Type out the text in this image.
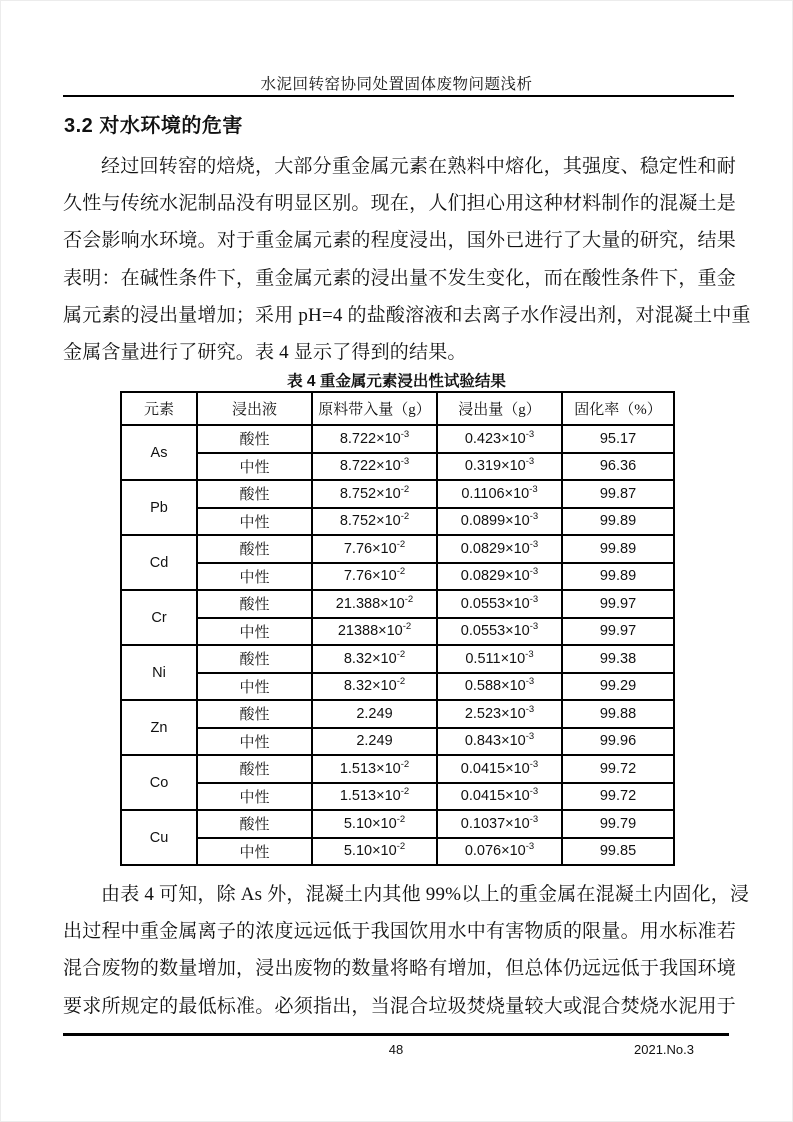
水泥回转窑协同处置固体废物问题浅析
3.2 对水环境的危害
经过回转窑的焙烧，大部分重金属元素在熟料中熔化，其强度、稳定性和耐
久性与传统水泥制品没有明显区别。现在，人们担心用这种材料制作的混凝土是
否会影响水环境。对于重金属元素的程度浸出，国外已进行了大量的研究，结果
表明：在碱性条件下，重金属元素的浸出量不发生变化，而在酸性条件下，重金
属元素的浸出量增加；采用 pH=4 的盐酸溶液和去离子水作浸出剂，对混凝土中重
金属含量进行了研究。表 4 显示了得到的结果。
表 4 重金属元素浸出性试验结果
元素	浸出液	原料带入量（g）	浸出量（g）	固化率（%）
As	酸性	$8.722\times 10^{-3}$	$0.423\times 10^{-3}$	95.17
	中性	$8.722\times 10^{-3}$	$0.319\times 10^{-3}$	96.36
Pb	酸性	$8.752\times 10^{-2}$	$0.1106\times 10^{-3}$	99.87
	中性	$8.752\times 10^{-2}$	$0.0899\times 10^{-3}$	99.89
Cd	酸性	$7.76\times 10^{-2}$	$0.0829\times 10^{-3}$	99.89
	中性	$7.76\times 10^{-2}$	$0.0829\times 10^{-3}$	99.89
Cr	酸性	$21.388\times 10^{-2}$	$0.0553\times 10^{-3}$	99.97
	中性	$21388\times 10^{-2}$	$0.0553\times 10^{-3}$	99.97
Ni	酸性	$8.32\times 10^{-2}$	$0.511\times 10^{-3}$	99.38
	中性	$8.32\times 10^{-2}$	$0.588\times 10^{-3}$	99.29
Zn	酸性	2.249	$2.523\times 10^{-3}$	99.88
	中性	2.249	$0.843\times 10^{-3}$	99.96
Co	酸性	$1.513\times 10^{-2}$	$0.0415\times 10^{-3}$	99.72
	中性	$1.513\times 10^{-2}$	$0.0415\times 10^{-3}$	99.72
Cu	酸性	$5.10\times 10^{-2}$	$0.1037\times 10^{-3}$	99.79
	中性	$5.10\times 10^{-2}$	$0.076\times 10^{-3}$	99.85
由表 4 可知，除 As 外，混凝土内其他 99%以上的重金属在混凝土内固化，浸
出过程中重金属离子的浓度远远低于我国饮用水中有害物质的限量。用水标准若
混合废物的数量增加，浸出废物的数量将略有增加，但总体仍远远低于我国环境
要求所规定的最低标准。必须指出，当混合垃圾焚烧量较大或混合焚烧水泥用于
48	2021.No.3
